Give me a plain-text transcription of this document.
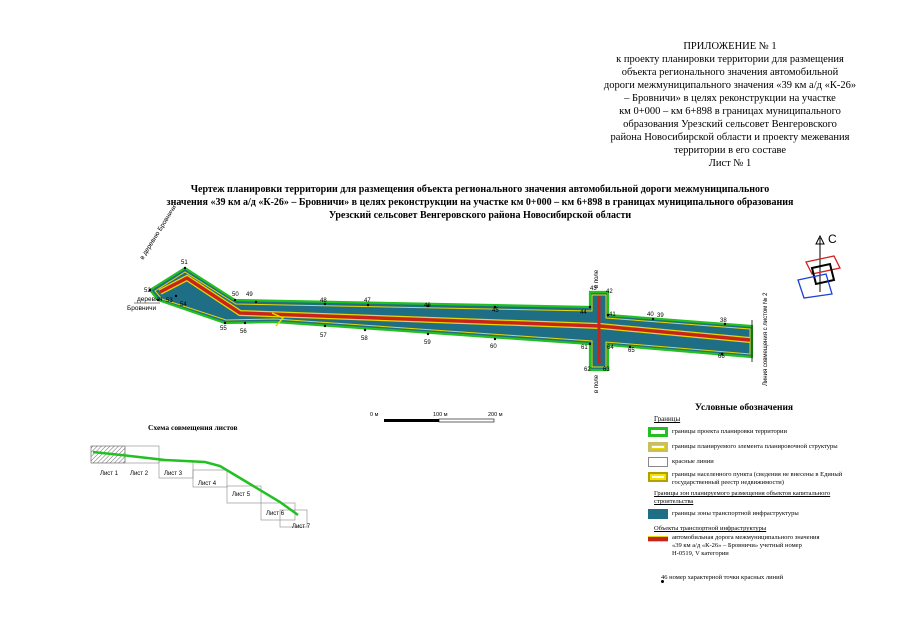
ПРИЛОЖЕНИЕ № 1
к проекту планировки территории для размещения
объекта регионального значения автомобильной
дороги межмуниципального значения «39 км а/д «К-26»
– Бровничи» в целях реконструкции на участке
км 0+000 – км 6+898 в границах муниципального
образования Урезский сельсовет Венгеровского
района Новосибирской области и проекту межевания
территории в его составе
Лист № 1
Чертеж планировки территории для размещения объекта регионального значения автомобильной дороги межмуниципального
значения «39 км а/д «К-26» – Бровничи» в целях реконструкции на участке км 0+000 – км 6+898 в границах муниципального образования
Урезский сельсовет Венгеровского района Новосибирской области
51
52
53
54
50 49
48	47
46
45	44
43 42
41	40 39
38
55 56
57	58
59
60	61	64 65
62 63
66
в деревню Бровничи
деревня
Бровничи
в поле
в поле	Линия совмещения с листом № 2
С
0 м	100 м	200 м
Лист 1 Лист 2	Лист 3
Лист 4
Лист 5
Лист 6
Лист 7
Схема совмещения листов
Условные обозначения
Границы
границы проекта планировки территории
границы планируемого элемента планировочной структуры
красные линии
границы населенного пункта (сведения не внесены в Единый государственный реестр недвижимости)
Границы зон планируемого размещения объектов капитального строительства
границы зоны транспортной инфраструктуры
Объекты транспортной инфраструктуры
автомобильная дорога межмуниципального значения «39 км а/д «К-26» – Бровничи» учетный номер Н-0519, V категории
46 номер характерной точки красных линий
